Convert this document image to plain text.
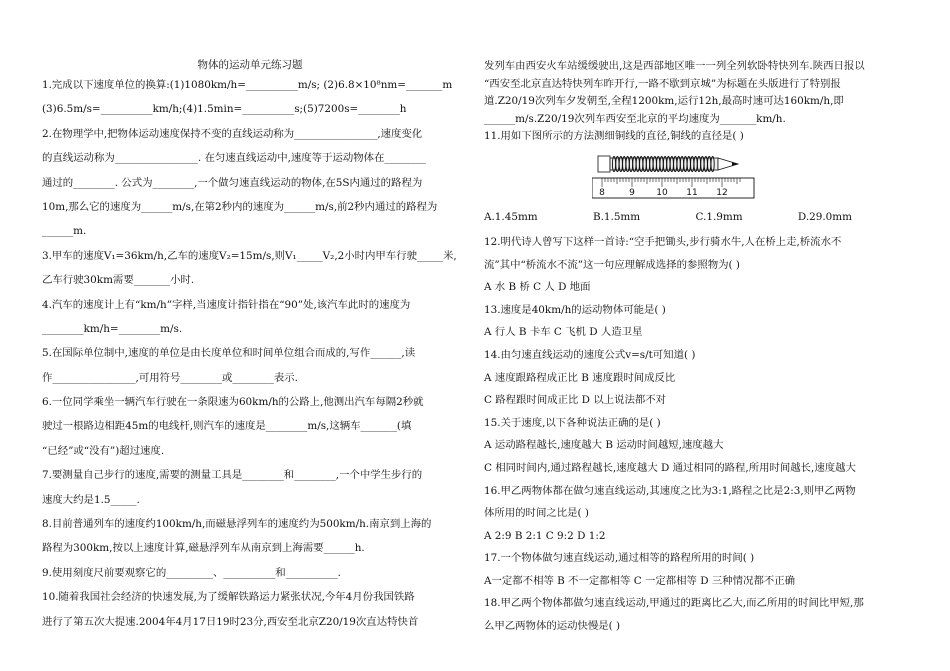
物体的运动单元练习题
1.完成以下速度单位的换算:(1)1080km/h=__________m/s; (2)6.8×10⁸nm=_______m
(3)6.5m/s=__________km/h;(4)1.5min=__________s;(5)7200s=________h
2.在物理学中,把物体运动速度保持不变的直线运动称为________________,速度变化
的直线运动称为________________. 在匀速直线运动中,速度等于运动物体在________
通过的________. 公式为________,一个做匀速直线运动的物体,在5S内通过的路程为
10m,那么它的速度为______m/s,在第2秒内的速度为______m/s,前2秒内通过的路程为
______m.
3.甲车的速度V₁=36km/h,乙车的速度V₂=15m/s,则V₁_____V₂,2小时内甲车行驶_____米,
乙车行驶30km需要_______小时.
4.汽车的速度计上有“km/h”字样,当速度计指针指在“90”处,该汽车此时的速度为
________km/h=________m/s.
5.在国际单位制中,速度的单位是由长度单位和时间单位组合而成的,写作______,读
作________________,可用符号________或________表示.
6.一位同学乘坐一辆汽车行驶在一条限速为60km/h的公路上,他测出汽车每隔2秒就
驶过一根路边相距45m的电线杆,则汽车的速度是________m/s,这辆车_______(填
“已经”或“没有”)超过速度.
7.要测量自己步行的速度,需要的测量工具是________和________,一个中学生步行的
速度大约是1.5_____.
8.目前普通列车的速度约100km/h,而磁悬浮列车的速度约为500km/h.南京到上海的
路程为300km,按以上速度计算,磁悬浮列车从南京到上海需要______h.
9.使用刻度尺前要观察它的_________、__________和__________.
10.随着我国社会经济的快速发展,为了缓解铁路运力紧张状况,今年4月份我国铁路
进行了第五次大提速.2004年4月17日19时23分,西安至北京Z20/19次直达特快首
发列车由西安火车站缓缓驶出,这是西部地区唯一一列全列软卧特快列车.陕西日报以
“西安至北京直达特快列车昨开行,一路不歇到京城”为标题在头版进行了特别报
道.Z20/19次列车夕发朝至,全程1200km,运行12h,最高时速可达160km/h,即
______m/s.Z20/19次列车西安至北京的平均速度为_______km/h.
11.用如下图所示的方法测细铜线的直径,铜线的直径是( )
8	9 10 11 12
A.1.45mm	B.1.5mm	C.1.9mm	D.29.0mm
12.明代诗人曾写下这样一首诗:“空手把锄头,步行骑水牛,人在桥上走,桥流水不
流”其中“桥流水不流”这一句应理解成选择的参照物为( )
A 水 B 桥 C 人 D 地面
13.速度是40km/h的运动物体可能是( )
A 行人 B 卡车 C 飞机 D 人造卫星
14.由匀速直线运动的速度公式v=s/t可知道( )
A 速度跟路程成正比 B 速度跟时间成反比
C 路程跟时间成正比 D 以上说法都不对
15.关于速度,以下各种说法正确的是( )
A 运动路程越长,速度越大 B 运动时间越短,速度越大
C 相同时间内,通过路程越长,速度越大 D 通过相同的路程,所用时间越长,速度越大
16.甲乙两物体都在做匀速直线运动,其速度之比为3:1,路程之比是2:3,则甲乙两物
体所用的时间之比是( )
A 2:9 B 2:1 C 9:2 D 1:2
17.一个物体做匀速直线运动,通过相等的路程所用的时间( )
A一定都不相等 B 不一定都相等 C 一定都相等 D 三种情况都不正确
18.甲乙两个物体都做匀速直线运动,甲通过的距离比乙大,而乙所用的时间比甲短,那
么甲乙两物体的运动快慢是( )
